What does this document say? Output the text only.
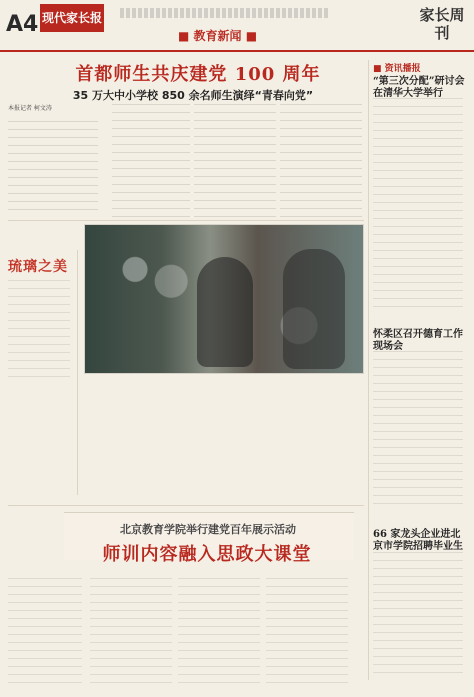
A4 现代家长报
■ 教育新闻 ■
家长周刊
首都师生共庆建党 100 周年
35 万大中小学校 850 余名师生演绎“青春向党”
本报记者 柯文涛
琉璃之美
北京教育学院举行建党百年展示活动
师训内容融入思政大课堂
■ 资讯播报
“第三次分配”研讨会在清华大学举行
怀柔区召开德育工作现场会
66 家龙头企业进北京市学院招聘毕业生
